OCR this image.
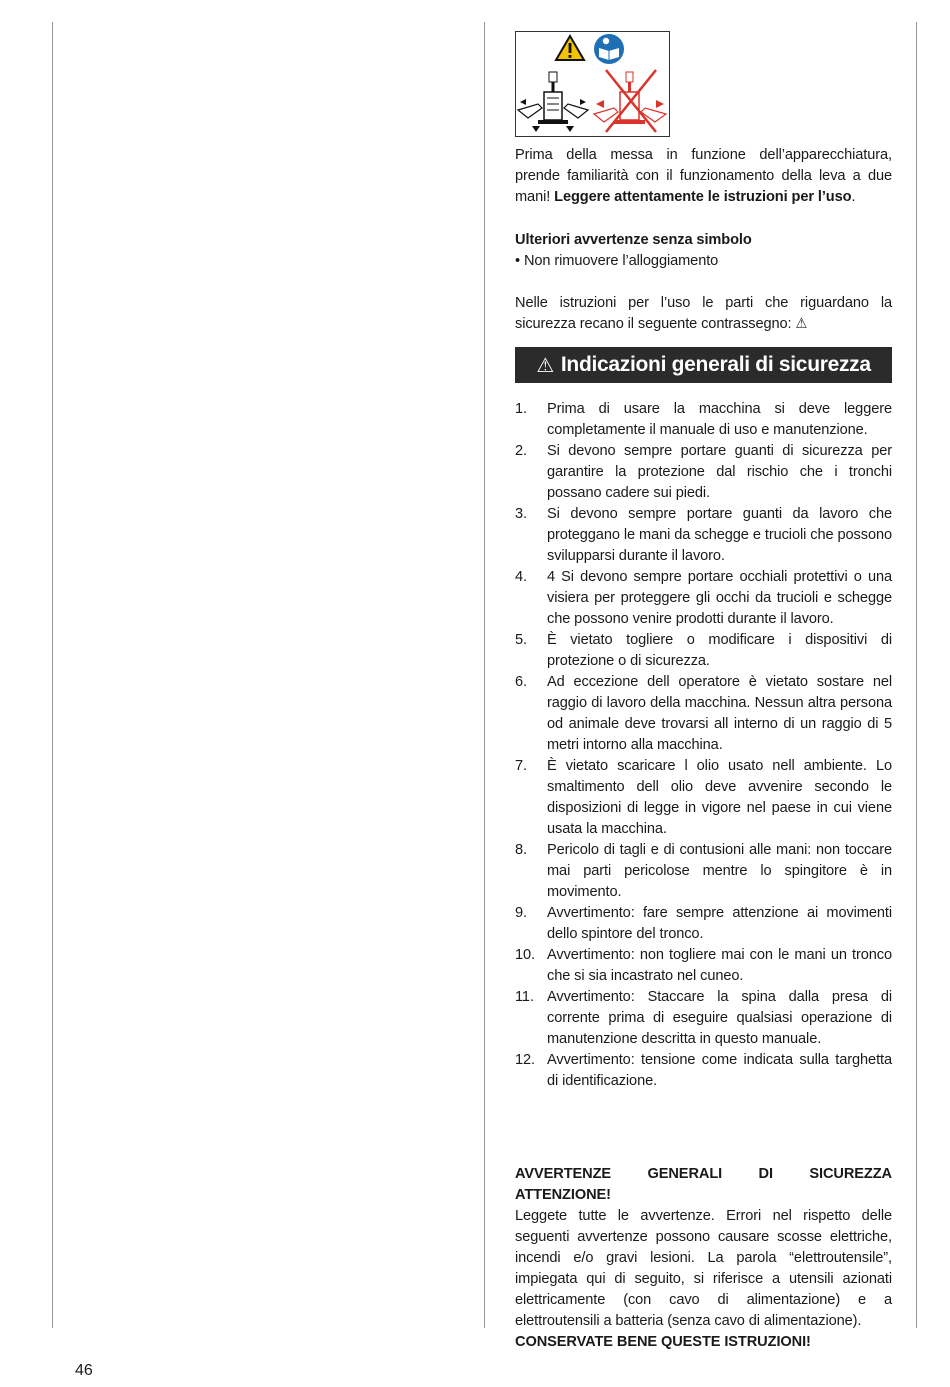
Prima della messa in funzione dell’apparecchiatura, prende familiarità con il funzionamento della leva a due mani! Leggere attentamente le istruzioni per l’uso.

Ulteriori avvertenze senza simbolo

• Non rimuovere l’alloggiamento

Nelle istruzioni per l’uso le parti che riguardano la sicurezza recano il seguente contrassegno: ⚠
⚠ Indicazioni generali di sicurezza
1.	Prima di usare la macchina si deve leggere completamente il manuale di uso e manutenzione.
2.	Si devono sempre portare guanti di sicurezza per garantire la protezione dal rischio che i tronchi possano cadere sui piedi.
3.	Si devono sempre portare guanti da lavoro che proteggano le mani da schegge e trucioli che possono svilupparsi durante il lavoro.
4.	4 Si devono sempre portare occhiali protettivi o una visiera per proteggere gli occhi da trucioli e schegge che possono venire prodotti durante il lavoro.
5.	È vietato togliere o modificare i dispositivi di protezione o di sicurezza.
6.	Ad eccezione dell operatore è vietato sostare nel raggio di lavoro della macchina. Nessun altra persona od animale deve trovarsi all interno di un raggio di 5 metri intorno alla macchina.
7.	È vietato scaricare l olio usato nell ambiente. Lo smaltimento dell olio deve avvenire secondo le disposizioni di legge in vigore nel paese in cui viene usata la macchina.
8.	Pericolo di tagli e di contusioni alle mani: non toccare mai parti pericolose mentre lo spingitore è in movimento.
9.	Avvertimento: fare sempre attenzione ai movimenti dello spintore del tronco.
10. Avvertimento: non togliere mai con le mani un tronco che si sia incastrato nel cuneo.
11. Avvertimento: Staccare la spina dalla presa di corrente prima di eseguire qualsiasi operazione di manutenzione descritta in questo manuale.
12. Avvertimento: tensione come indicata sulla targhetta di identificazione.

AVVERTENZE GENERALI DI SICUREZZA ATTENZIONE!

Leggete tutte le avvertenze. Errori nel rispetto delle seguenti avvertenze possono causare scosse elettriche, incendi e/o gravi lesioni. La parola “elettroutensile”, impiegata qui di seguito, si riferisce a utensili azionati elettricamente (con cavo di alimentazione) e a elettroutensili a batteria (senza cavo di alimentazione).

CONSERVATE BENE QUESTE ISTRUZIONI!

46
